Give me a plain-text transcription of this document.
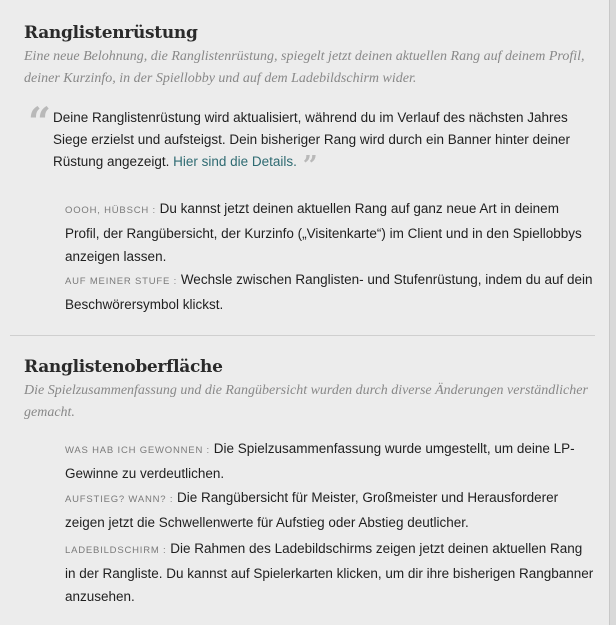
Ranglistenrüstung

Eine neue Belohnung, die Ranglistenrüstung, spiegelt jetzt deinen aktuellen Rang auf deinem Profil, deiner Kurzinfo, in der Spiellobby und auf dem Ladebildschirm wider.

“ Deine Ranglistenrüstung wird aktualisiert, während du im Verlauf des nächsten Jahres Siege erzielst und aufsteigst. Dein bisheriger Rang wird durch ein Banner hinter deiner Rüstung angezeigt. Hier sind die Details. ”
OOOH, HÜBSCH : Du kannst jetzt deinen aktuellen Rang auf ganz neue Art in deinem Profil, der Rangübersicht, der Kurzinfo („Visitenkarte“) im Client und in den Spiellobbys anzeigen lassen.
AUF MEINER STUFE : Wechsle zwischen Ranglisten- und Stufenrüstung, indem du auf dein Beschwörersymbol klickst.
Ranglistenoberfläche

Die Spielzusammenfassung und die Rangübersicht wurden durch diverse Änderungen verständlicher gemacht.

WAS HAB ICH GEWONNEN : Die Spielzusammenfassung wurde umgestellt, um deine LP-Gewinne zu verdeutlichen.
AUFSTIEG? WANN? : Die Rangübersicht für Meister, Großmeister und Herausforderer zeigen jetzt die Schwellenwerte für Aufstieg oder Abstieg deutlicher.
LADEBILDSCHIRM : Die Rahmen des Ladebildschirms zeigen jetzt deinen aktuellen Rang in der Rangliste. Du kannst auf Spielerkarten klicken, um dir ihre bisherigen Rangbanner anzusehen.
